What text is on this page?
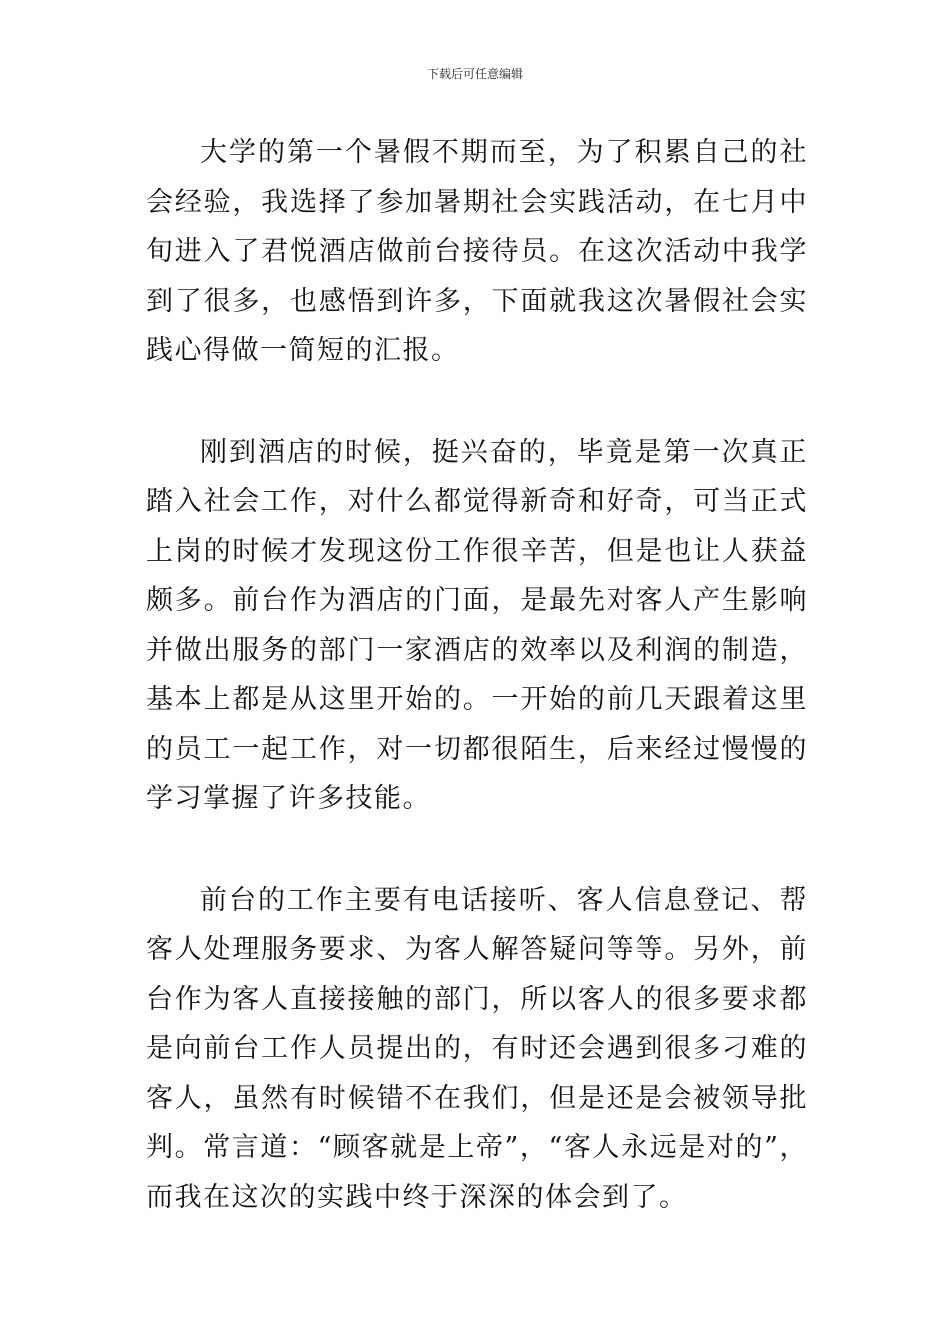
下载后可任意编辑

大学的第一个暑假不期而至，为了积累自己的社会经验，我选择了参加暑期社会实践活动，在七月中旬进入了君悦酒店做前台接待员。在这次活动中我学到了很多，也感悟到许多，下面就我这次暑假社会实践心得做一简短的汇报。

刚到酒店的时候，挺兴奋的，毕竟是第一次真正踏入社会工作，对什么都觉得新奇和好奇，可当正式上岗的时候才发现这份工作很辛苦，但是也让人获益颇多。前台作为酒店的门面，是最先对客人产生影响并做出服务的部门一家酒店的效率以及利润的制造，基本上都是从这里开始的。一开始的前几天跟着这里的员工一起工作，对一切都很陌生，后来经过慢慢的学习掌握了许多技能。

前台的工作主要有电话接听、客人信息登记、帮客人处理服务要求、为客人解答疑问等等。另外，前台作为客人直接接触的部门，所以客人的很多要求都是向前台工作人员提出的，有时还会遇到很多刁难的客人，虽然有时候错不在我们，但是还是会被领导批判。常言道：“顾客就是上帝”，“客人永远是对的”，而我在这次的实践中终于深深的体会到了。
